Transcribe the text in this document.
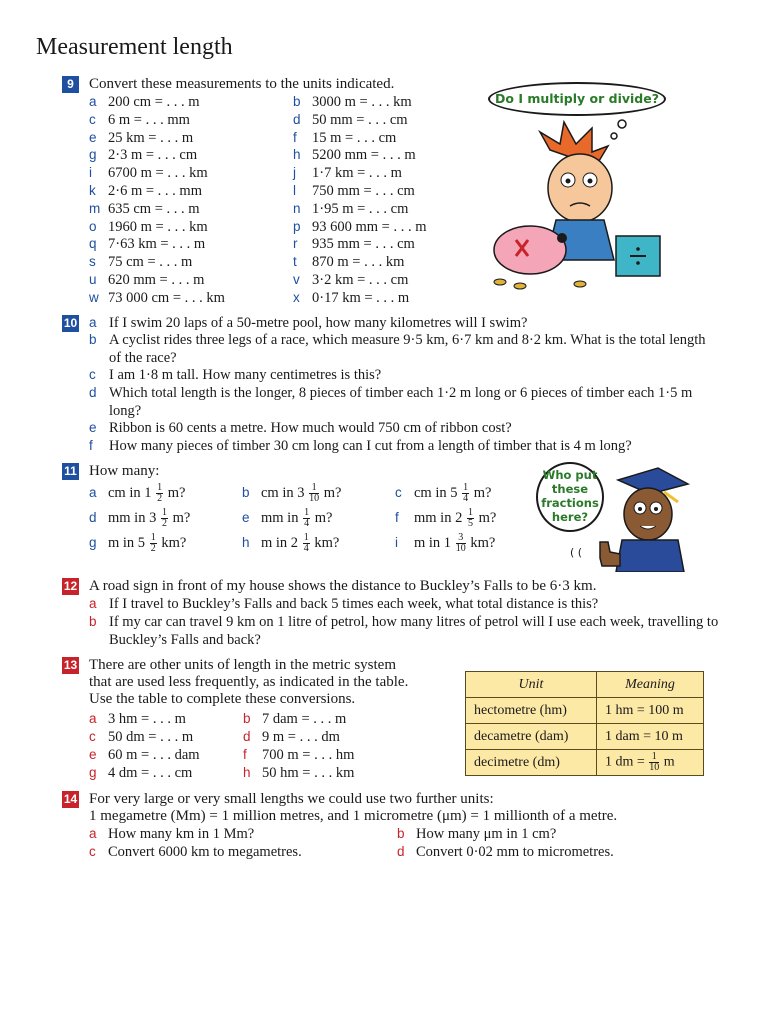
Measurement length
9	Convert these measurements to the units indicated.
a 200 cm = . . . m	b 3000 m = . . . km
c 6 m = . . . mm	d 50 mm = . . . cm
e 25 km = . . . m	f 15 m = . . . cm
g 2·3 m = . . . cm	h 5200 mm = . . . m
i 6700 m = . . . km	j 1·7 km = . . . m
k 2·6 m = . . . mm	l 750 mm = . . . cm
m 635 cm = . . . m	n 1·95 m = . . . cm
o 1960 m = . . . km	p 93 600 mm = . . . m
q 7·63 km = . . . m	r 935 mm = . . . cm
s 75 cm = . . . m	t 870 m = . . . km
u 620 mm = . . . m	v 3·2 km = . . . cm
w 73 000 cm = . . . km	x 0·17 km = . . . m
Do I multiply or divide?
10 a If I swim 20 laps of a 50-metre pool, how many kilometres will I swim?
b A cyclist rides three legs of a race, which measure 9·5 km, 6·7 km and 8·2 km. What is the total length of the race?
c I am 1·8 m tall. How many centimetres is this?
d Which total length is the longer, 8 pieces of timber each 1·2 m long or 6 pieces of timber each 1·5 m long?
e Ribbon is 60 cents a metre. How much would 750 cm of ribbon cost?
f	How many pieces of timber 30 cm long can I cut from a length of timber that is 4 m long?
11 How many:
a cm in $1 \frac{1}{2} m$?	b cm in $3 \frac{1}{10} m$?	c cm in $5 \frac{1}{4} m$?
d mm in $3 \frac{1}{2} m$?	e mm in $\frac{1}{4} m$?	f mm in $2 \frac{1}{5} m$?
g m in $5 \frac{1}{2}$ km?	h m in $2 \frac{1}{4}$ km?	i m in $1 \frac{3}{10}$ km?
Who put these fractions here?
( (
12 A road sign in front of my house shows the distance to Buckley’s Falls to be 6·3 km.
a If I travel to Buckley’s Falls and back 5 times each week, what total distance is this?
b If my car can travel 9 km on 1 litre of petrol, how many litres of petrol will I use each week, travelling to Buckley’s Falls and back?
13 There are other units of length in the metric system
that are used less frequently, as indicated in the table.
Use the table to complete these conversions.
a 3 hm = . . . m	b 7 dam = . . . m
c 50 dm = . . . m	d 9 m = . . . dm
e 60 m = . . . dam	f 700 m = . . . hm
g 4 dm = . . . cm	h 50 hm = . . . km
Unit	Meaning
hectometre (hm)	1 hm = 100 m
decametre (dam)	1 dam = 10 m
decimetre (dm)	1 dm = $\frac{1}{10}$ m
14 For very large or very small lengths we could use two further units:
1 megametre (Mm) = 1 million metres, and 1 micrometre (μm) = 1 millionth of a metre.
a How many km in 1 Mm?	b How many μm in 1 cm?
c Convert 6000 km to megametres.	d Convert 0·02 mm to micrometres.
